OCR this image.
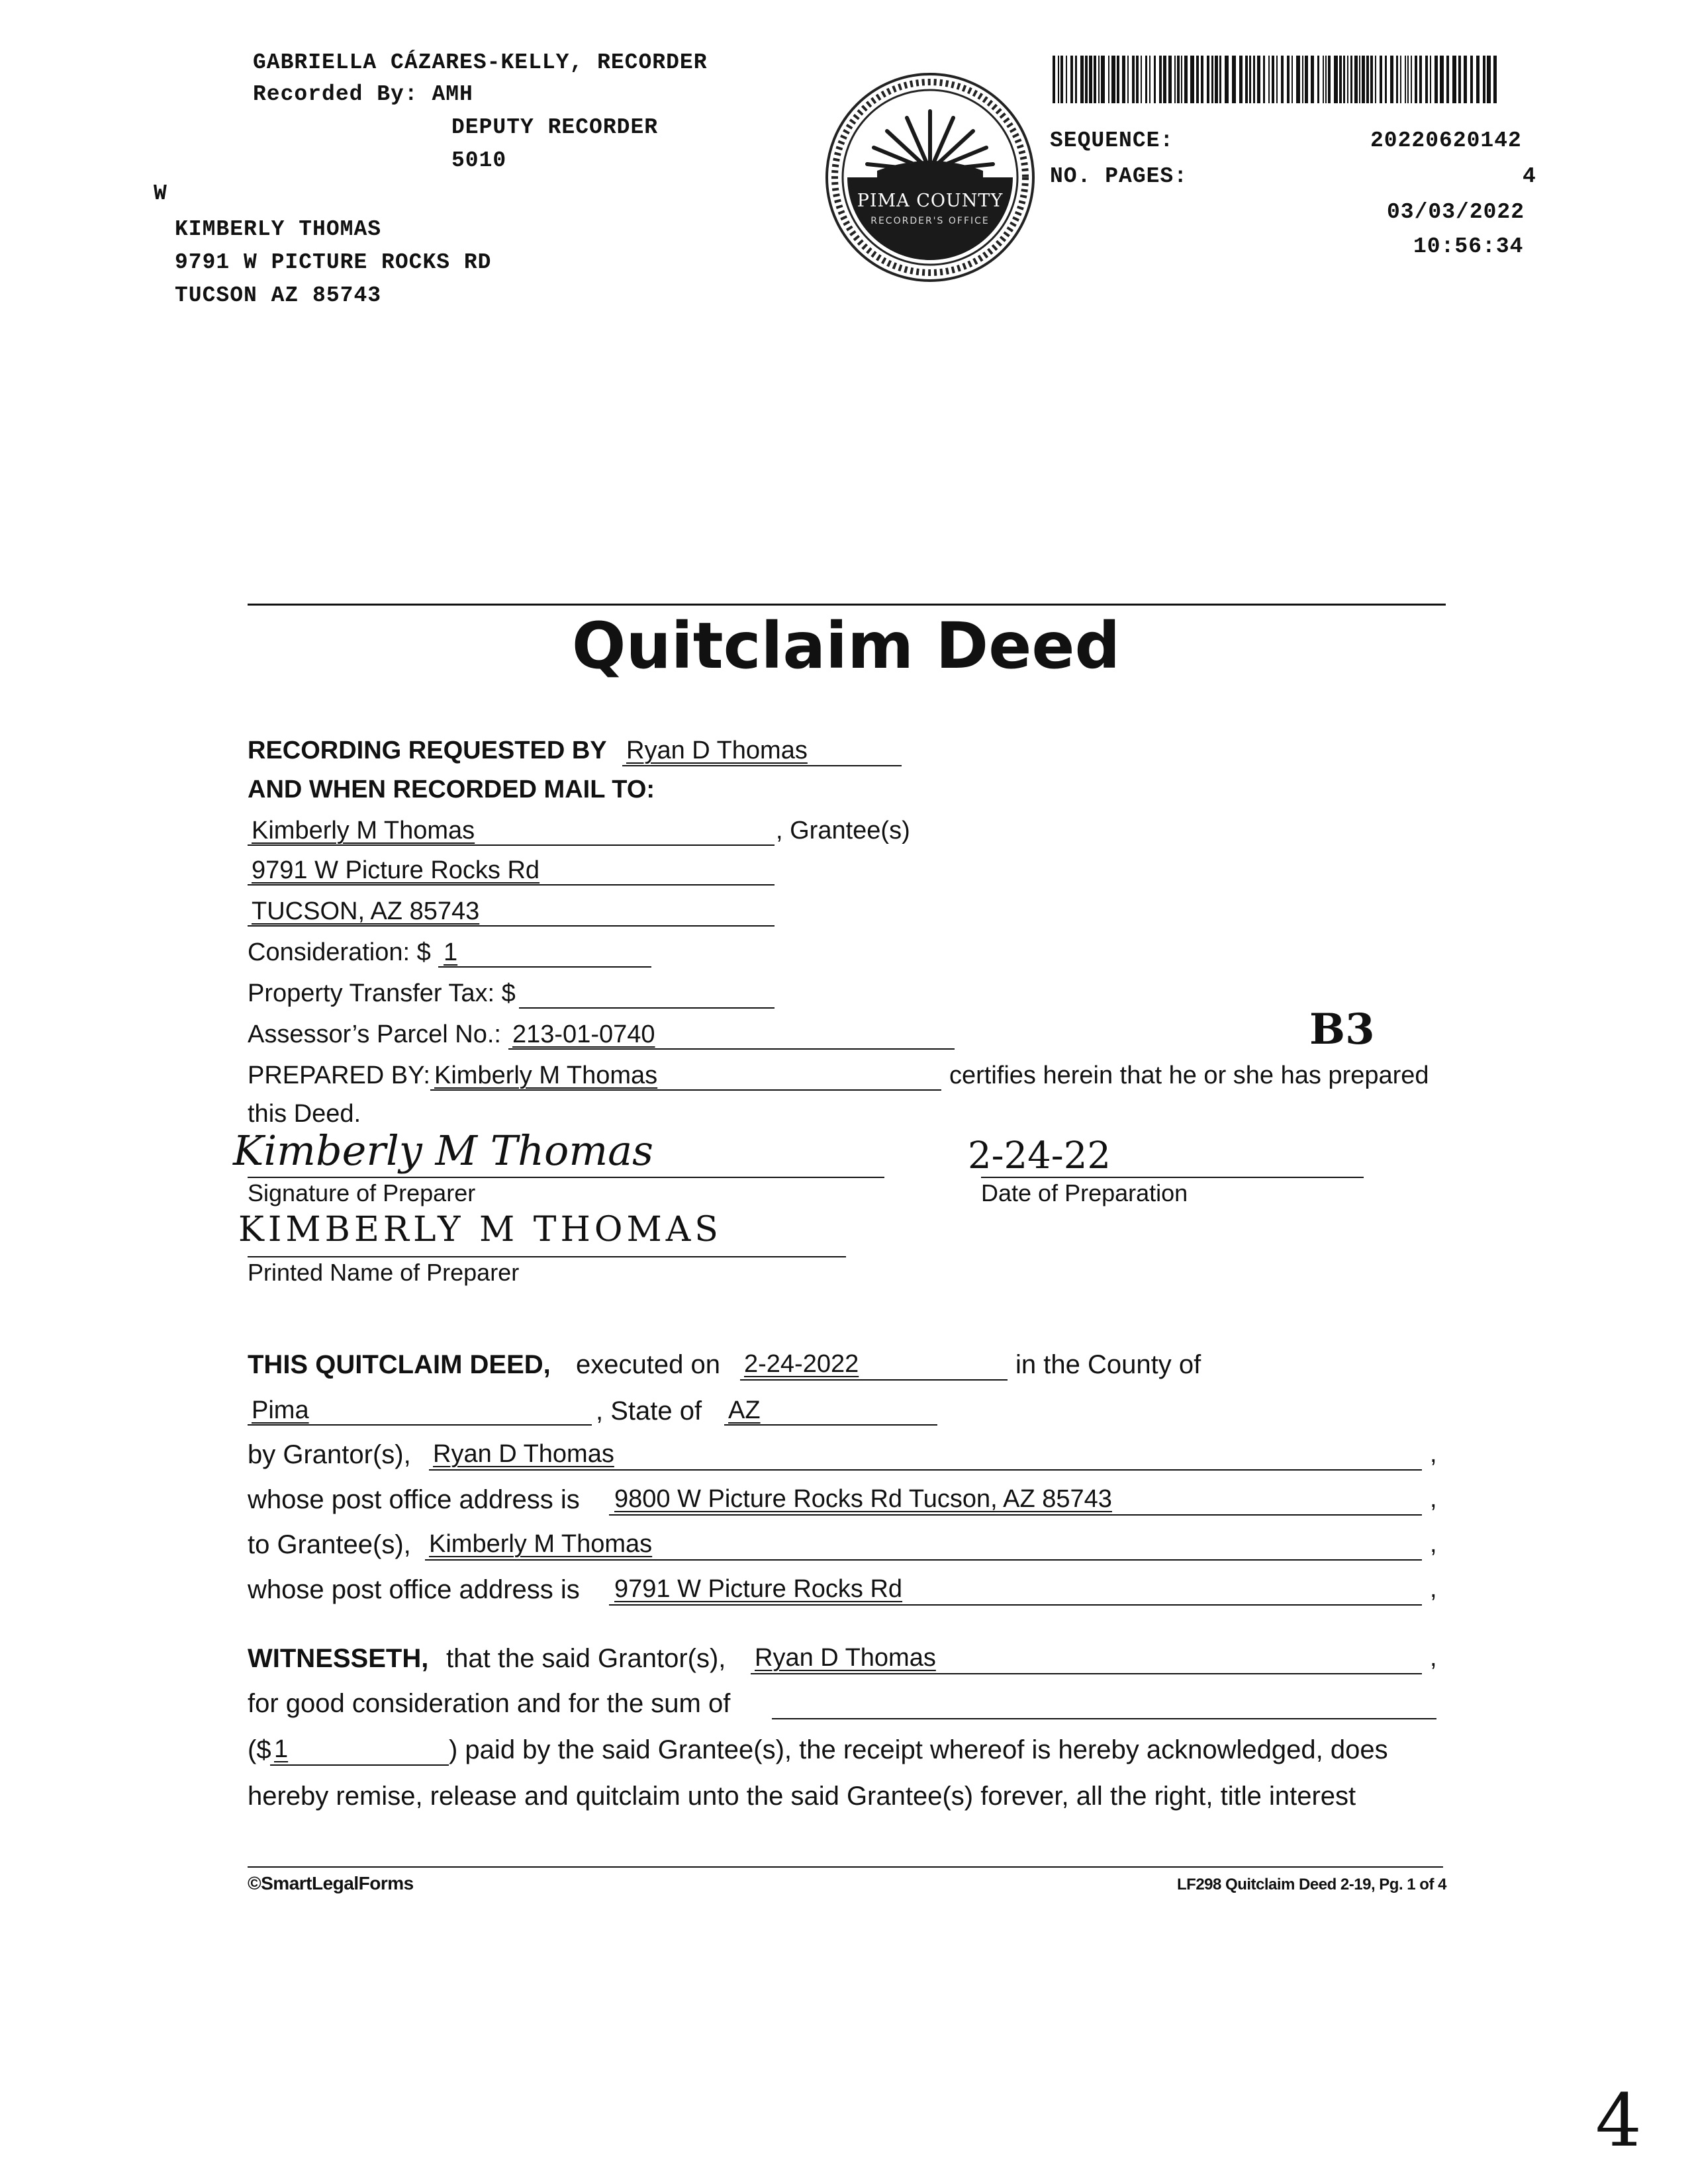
GABRIELLA CÁZARES-KELLY, RECORDER
Recorded By: AMH
DEPUTY RECORDER
5010
W
KIMBERLY THOMAS
9791 W PICTURE ROCKS RD
TUCSON AZ 85743
PIMA COUNTY
RECORDER'S OFFICE
SEQUENCE:	20220620142
NO. PAGES:	4
03/03/2022
10:56:34
Quitclaim Deed
RECORDING REQUESTED BY Ryan D Thomas
AND WHEN RECORDED MAIL TO:
Kimberly M Thomas	, Grantee(s)
9791 W Picture Rocks Rd
TUCSON, AZ 85743
Consideration: $ 1
Property Transfer Tax: $
Assessor’s Parcel No.: 213-01-0740	B3
PREPARED BY: Kimberly M Thomas	certifies herein that he or she has prepared
this Deed.
Kimberly M Thomas
Signature of Preparer
2-24-22
Date of Preparation
KIMBERLY M THOMAS
Printed Name of Preparer
THIS QUITCLAIM DEED, executed on 2-24-2022	in the County of
Pima	, State of AZ
by Grantor(s), Ryan D Thomas	,
whose post office address is 9800 W Picture Rocks Rd Tucson, AZ 85743	,
to Grantee(s), Kimberly M Thomas	,
whose post office address is 9791 W Picture Rocks Rd	,
WITNESSETH, that the said Grantor(s), Ryan D Thomas	,
for good consideration and for the sum of
($ 1	) paid by the said Grantee(s), the receipt whereof is hereby acknowledged, does
hereby remise, release and quitclaim unto the said Grantee(s) forever, all the right, title interest
©SmartLegalForms	LF298 Quitclaim Deed 2-19, Pg. 1 of 4
4
